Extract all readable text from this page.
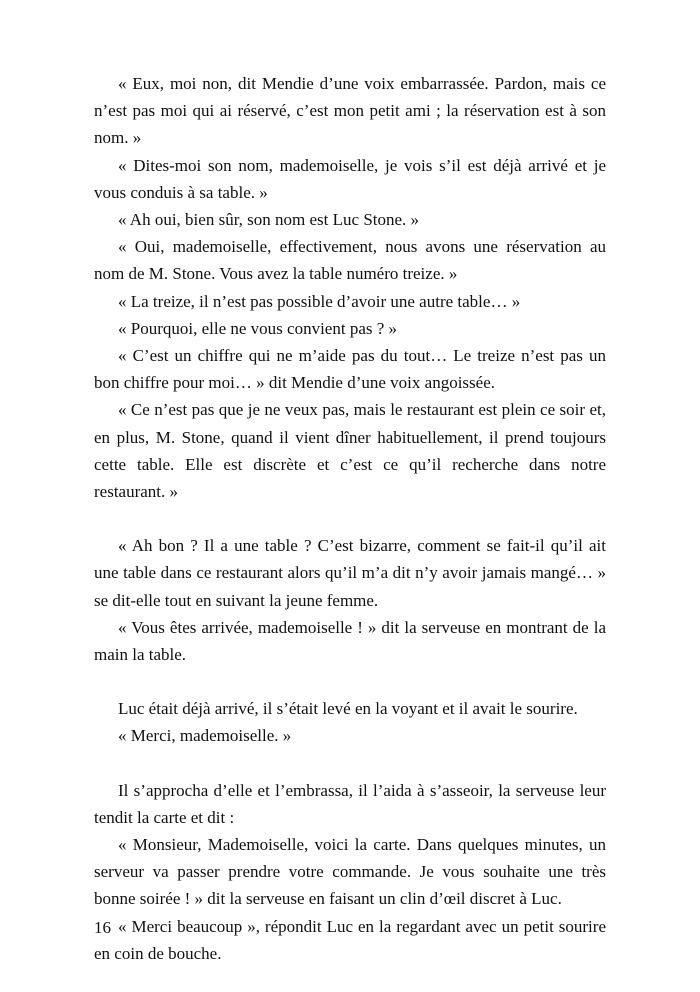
« Eux, moi non, dit Mendie d’une voix embarrassée. Pardon, mais ce n’est pas moi qui ai réservé, c’est mon petit ami ; la réservation est à son nom. »

« Dites-moi son nom, mademoiselle, je vois s’il est déjà arrivé et je vous conduis à sa table. »

« Ah oui, bien sûr, son nom est Luc Stone. »

« Oui, mademoiselle, effectivement, nous avons une réservation au nom de M. Stone. Vous avez la table numéro treize. »

« La treize, il n’est pas possible d’avoir une autre table… »

« Pourquoi, elle ne vous convient pas ? »

« C’est un chiffre qui ne m’aide pas du tout… Le treize n’est pas un bon chiffre pour moi… » dit Mendie d’une voix angoissée.

« Ce n’est pas que je ne veux pas, mais le restaurant est plein ce soir et, en plus, M. Stone, quand il vient dîner habituellement, il prend toujours cette table. Elle est discrète et c’est ce qu’il recherche dans notre restaurant. »

« Ah bon ? Il a une table ? C’est bizarre, comment se fait-il qu’il ait une table dans ce restaurant alors qu’il m’a dit n’y avoir jamais mangé… » se dit-elle tout en suivant la jeune femme.

« Vous êtes arrivée, mademoiselle ! » dit la serveuse en montrant de la main la table.

Luc était déjà arrivé, il s’était levé en la voyant et il avait le sourire.

« Merci, mademoiselle. »

Il s’approcha d’elle et l’embrassa, il l’aida à s’asseoir, la serveuse leur tendit la carte et dit :

« Monsieur, Mademoiselle, voici la carte. Dans quelques minutes, un serveur va passer prendre votre commande. Je vous souhaite une très bonne soirée ! » dit la serveuse en faisant un clin d’œil discret à Luc.

« Merci beaucoup », répondit Luc en la regardant avec un petit sourire en coin de bouche.

16
